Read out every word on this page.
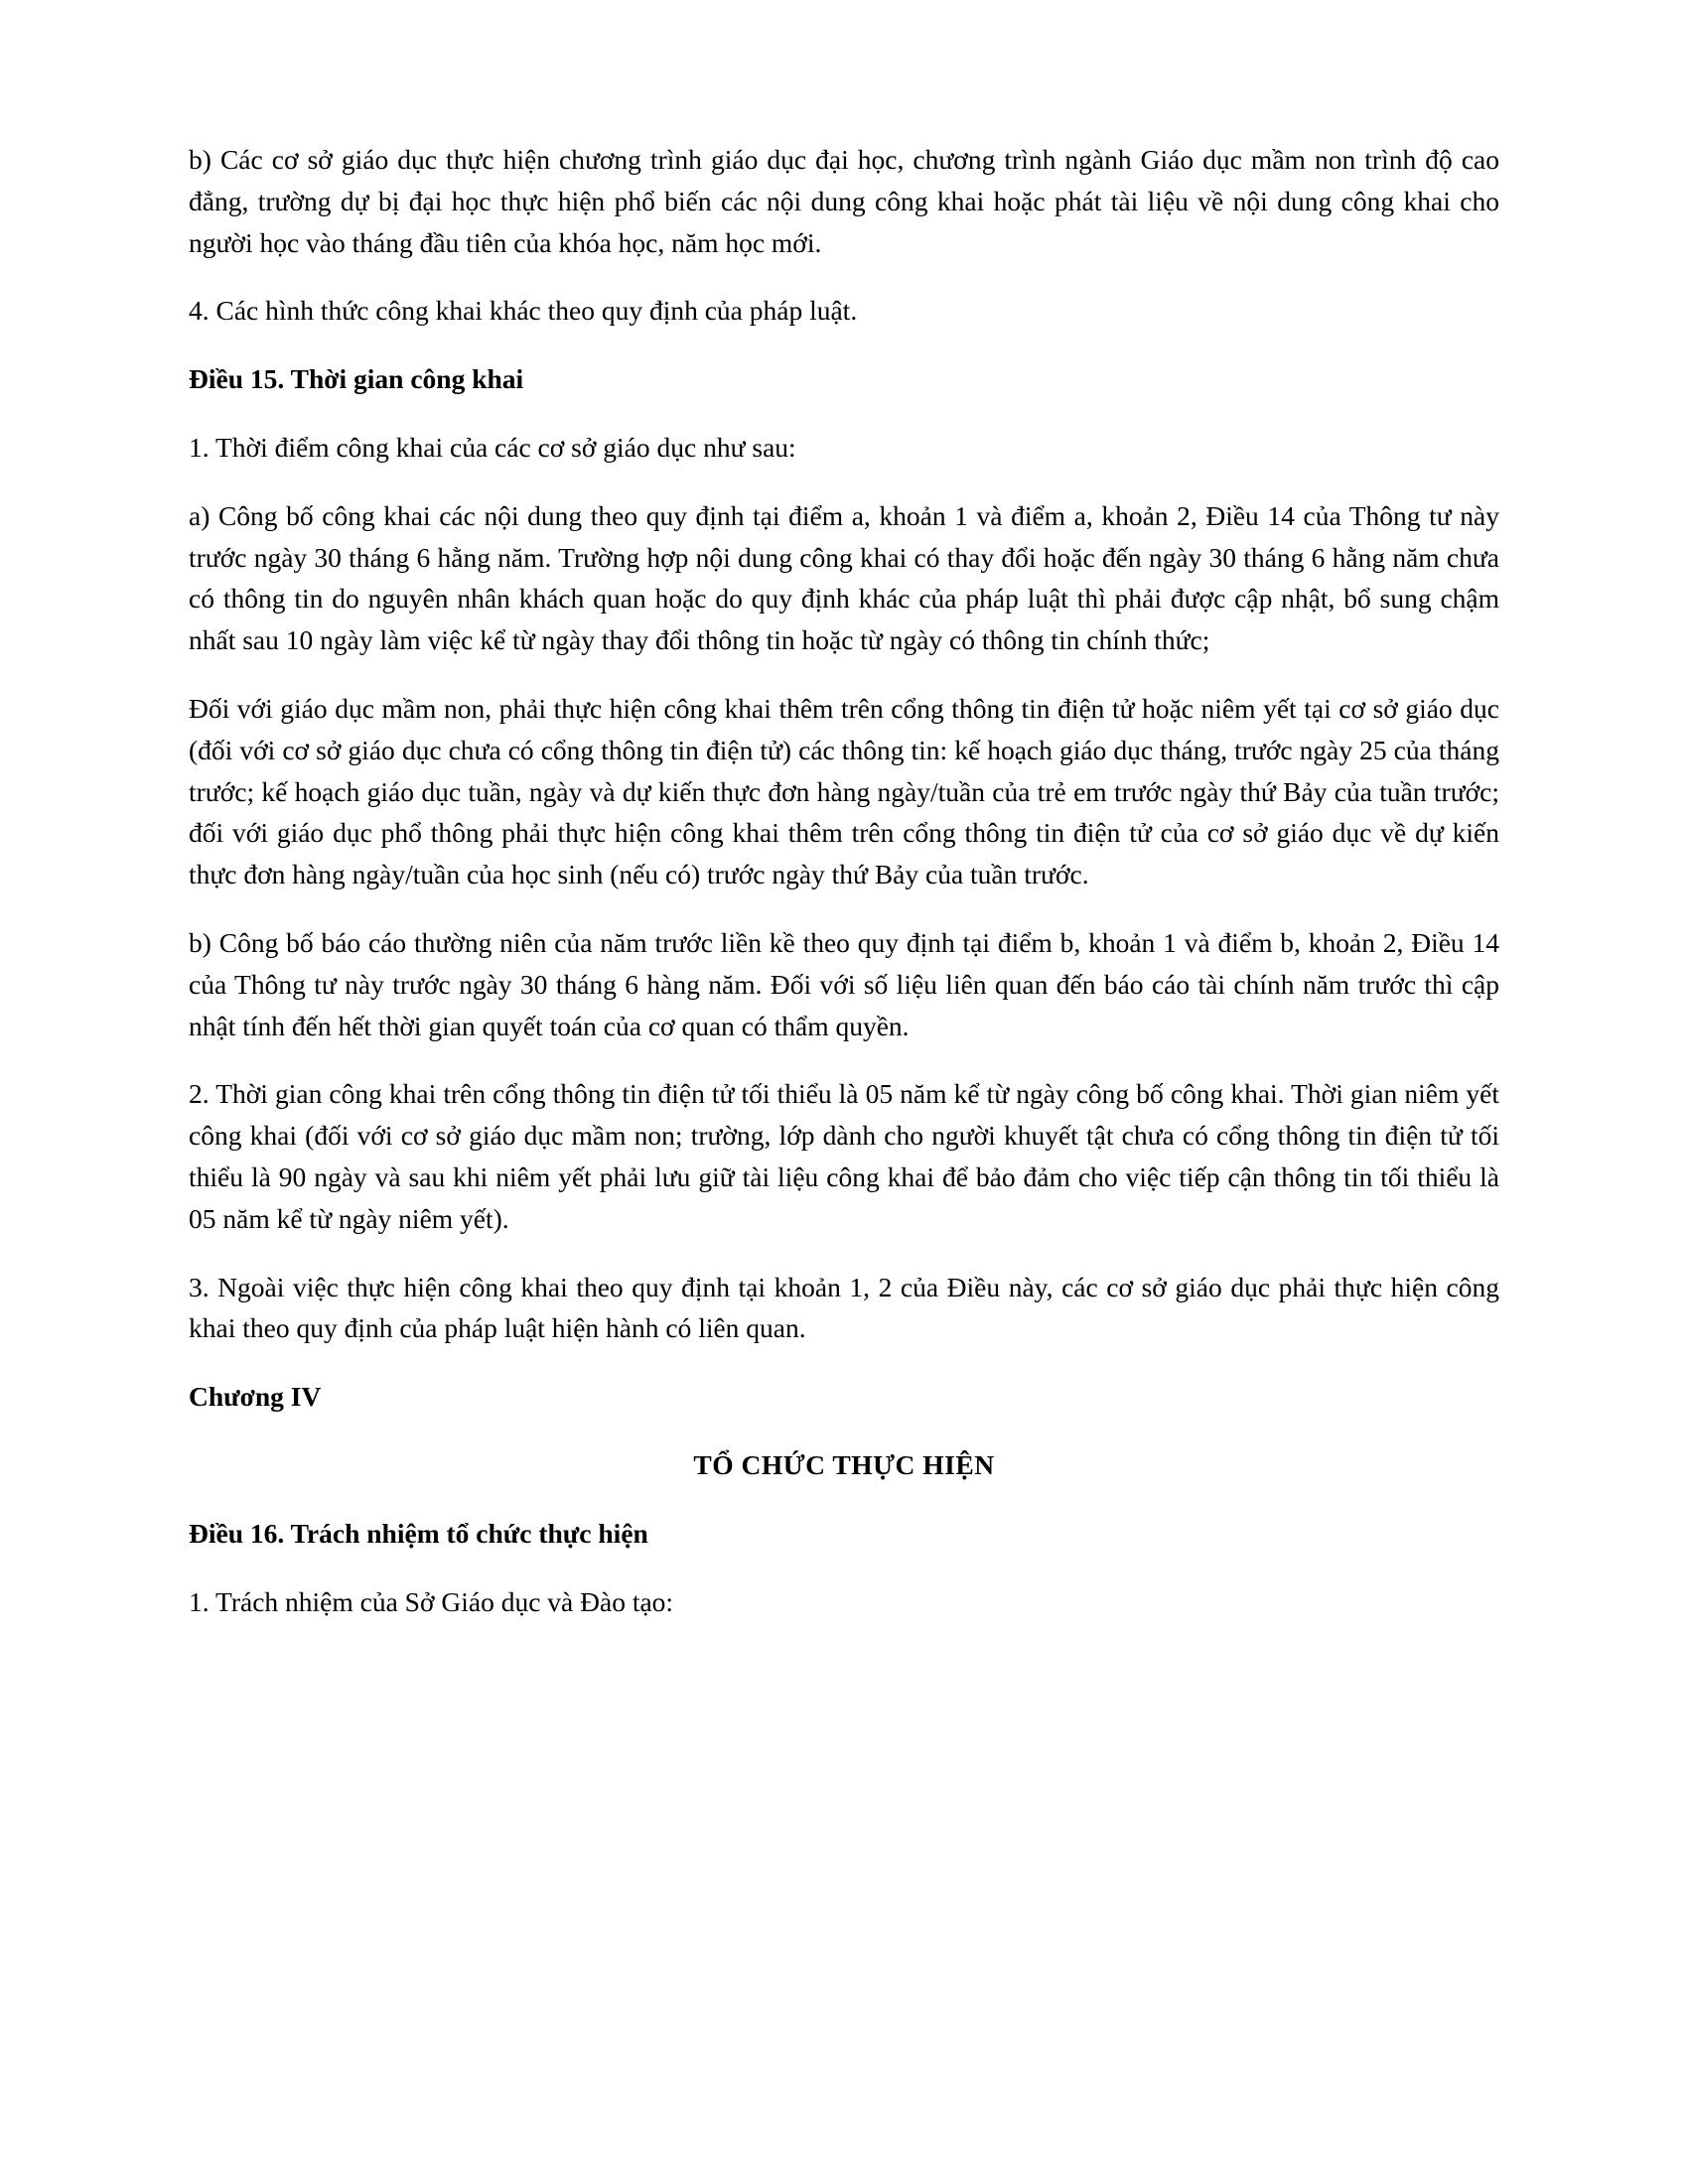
b) Các cơ sở giáo dục thực hiện chương trình giáo dục đại học, chương trình ngành Giáo dục mầm non trình độ cao đẳng, trường dự bị đại học thực hiện phổ biến các nội dung công khai hoặc phát tài liệu về nội dung công khai cho người học vào tháng đầu tiên của khóa học, năm học mới.

4. Các hình thức công khai khác theo quy định của pháp luật.

Điều 15. Thời gian công khai

1. Thời điểm công khai của các cơ sở giáo dục như sau:

a) Công bố công khai các nội dung theo quy định tại điểm a, khoản 1 và điểm a, khoản 2, Điều 14 của Thông tư này trước ngày 30 tháng 6 hằng năm. Trường hợp nội dung công khai có thay đổi hoặc đến ngày 30 tháng 6 hằng năm chưa có thông tin do nguyên nhân khách quan hoặc do quy định khác của pháp luật thì phải được cập nhật, bổ sung chậm nhất sau 10 ngày làm việc kể từ ngày thay đổi thông tin hoặc từ ngày có thông tin chính thức;

Đối với giáo dục mầm non, phải thực hiện công khai thêm trên cổng thông tin điện tử hoặc niêm yết tại cơ sở giáo dục (đối với cơ sở giáo dục chưa có cổng thông tin điện tử) các thông tin: kế hoạch giáo dục tháng, trước ngày 25 của tháng trước; kế hoạch giáo dục tuần, ngày và dự kiến thực đơn hàng ngày/tuần của trẻ em trước ngày thứ Bảy của tuần trước; đối với giáo dục phổ thông phải thực hiện công khai thêm trên cổng thông tin điện tử của cơ sở giáo dục về dự kiến thực đơn hàng ngày/tuần của học sinh (nếu có) trước ngày thứ Bảy của tuần trước.

b) Công bố báo cáo thường niên của năm trước liền kề theo quy định tại điểm b, khoản 1 và điểm b, khoản 2, Điều 14 của Thông tư này trước ngày 30 tháng 6 hàng năm. Đối với số liệu liên quan đến báo cáo tài chính năm trước thì cập nhật tính đến hết thời gian quyết toán của cơ quan có thẩm quyền.

2. Thời gian công khai trên cổng thông tin điện tử tối thiểu là 05 năm kể từ ngày công bố công khai. Thời gian niêm yết công khai (đối với cơ sở giáo dục mầm non; trường, lớp dành cho người khuyết tật chưa có cổng thông tin điện tử tối thiểu là 90 ngày và sau khi niêm yết phải lưu giữ tài liệu công khai để bảo đảm cho việc tiếp cận thông tin tối thiểu là 05 năm kể từ ngày niêm yết).

3. Ngoài việc thực hiện công khai theo quy định tại khoản 1, 2 của Điều này, các cơ sở giáo dục phải thực hiện công khai theo quy định của pháp luật hiện hành có liên quan.

Chương IV

TỔ CHỨC THỰC HIỆN

Điều 16. Trách nhiệm tổ chức thực hiện

1. Trách nhiệm của Sở Giáo dục và Đào tạo:
